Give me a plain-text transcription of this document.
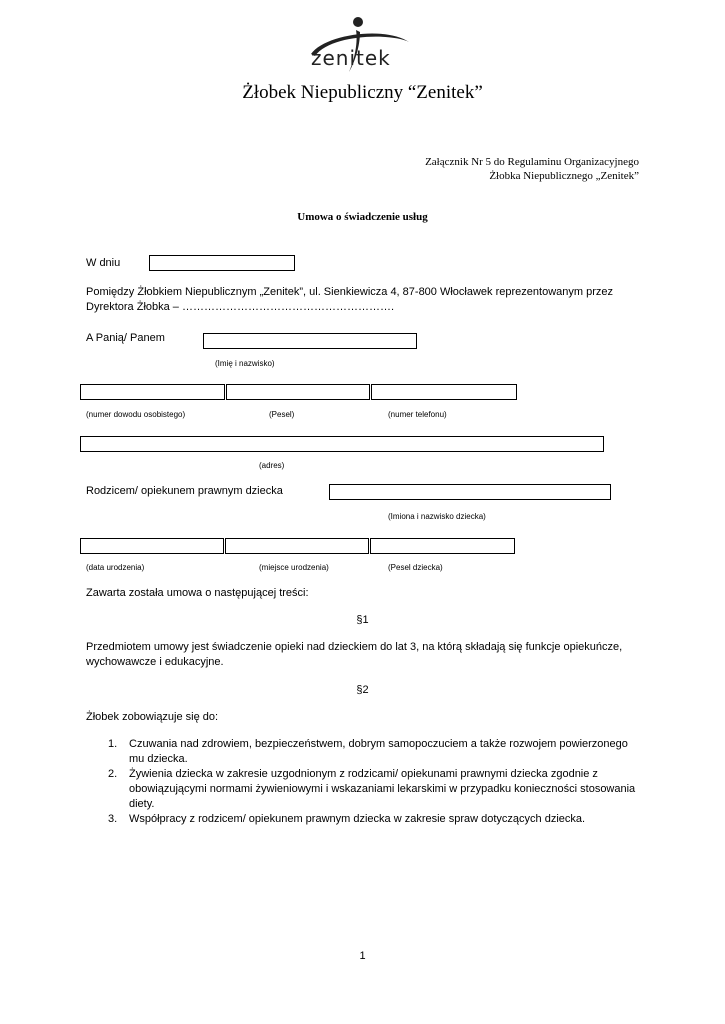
zenitek
Żłobek Niepubliczny “Zenitek”
Załącznik Nr 5 do Regulaminu Organizacyjnego
Żłobka Niepublicznego „Zenitek”
Umowa o świadczenie usług
W dniu
Pomiędzy Żłobkiem Niepublicznym „Zenitek”, ul. Sienkiewicza 4, 87-800 Włocławek reprezentowanym przez Dyrektora Żłobka – ………………………………………………….
A Panią/ Panem
(Imię i nazwisko)
(numer dowodu osobistego)	(Pesel)	(numer telefonu)
(adres)
Rodzicem/ opiekunem prawnym dziecka
(Imiona i nazwisko dziecka)
(data urodzenia)	(miejsce urodzenia)	(Pesel dziecka)
Zawarta została umowa o następującej treści:
§1
Przedmiotem umowy jest świadczenie opieki nad dzieckiem do lat 3, na którą składają się funkcje opiekuńcze, wychowawcze i edukacyjne.
§2
Żłobek zobowiązuje się do:
1. Czuwania nad zdrowiem, bezpieczeństwem, dobrym samopoczuciem a także rozwojem powierzonego mu dziecka.
2. Żywienia dziecka w zakresie uzgodnionym z rodzicami/ opiekunami prawnymi dziecka zgodnie z obowiązującymi normami żywieniowymi i wskazaniami lekarskimi w przypadku konieczności stosowania diety.
3. Współpracy z rodzicem/ opiekunem prawnym dziecka w zakresie spraw dotyczących dziecka.
1
